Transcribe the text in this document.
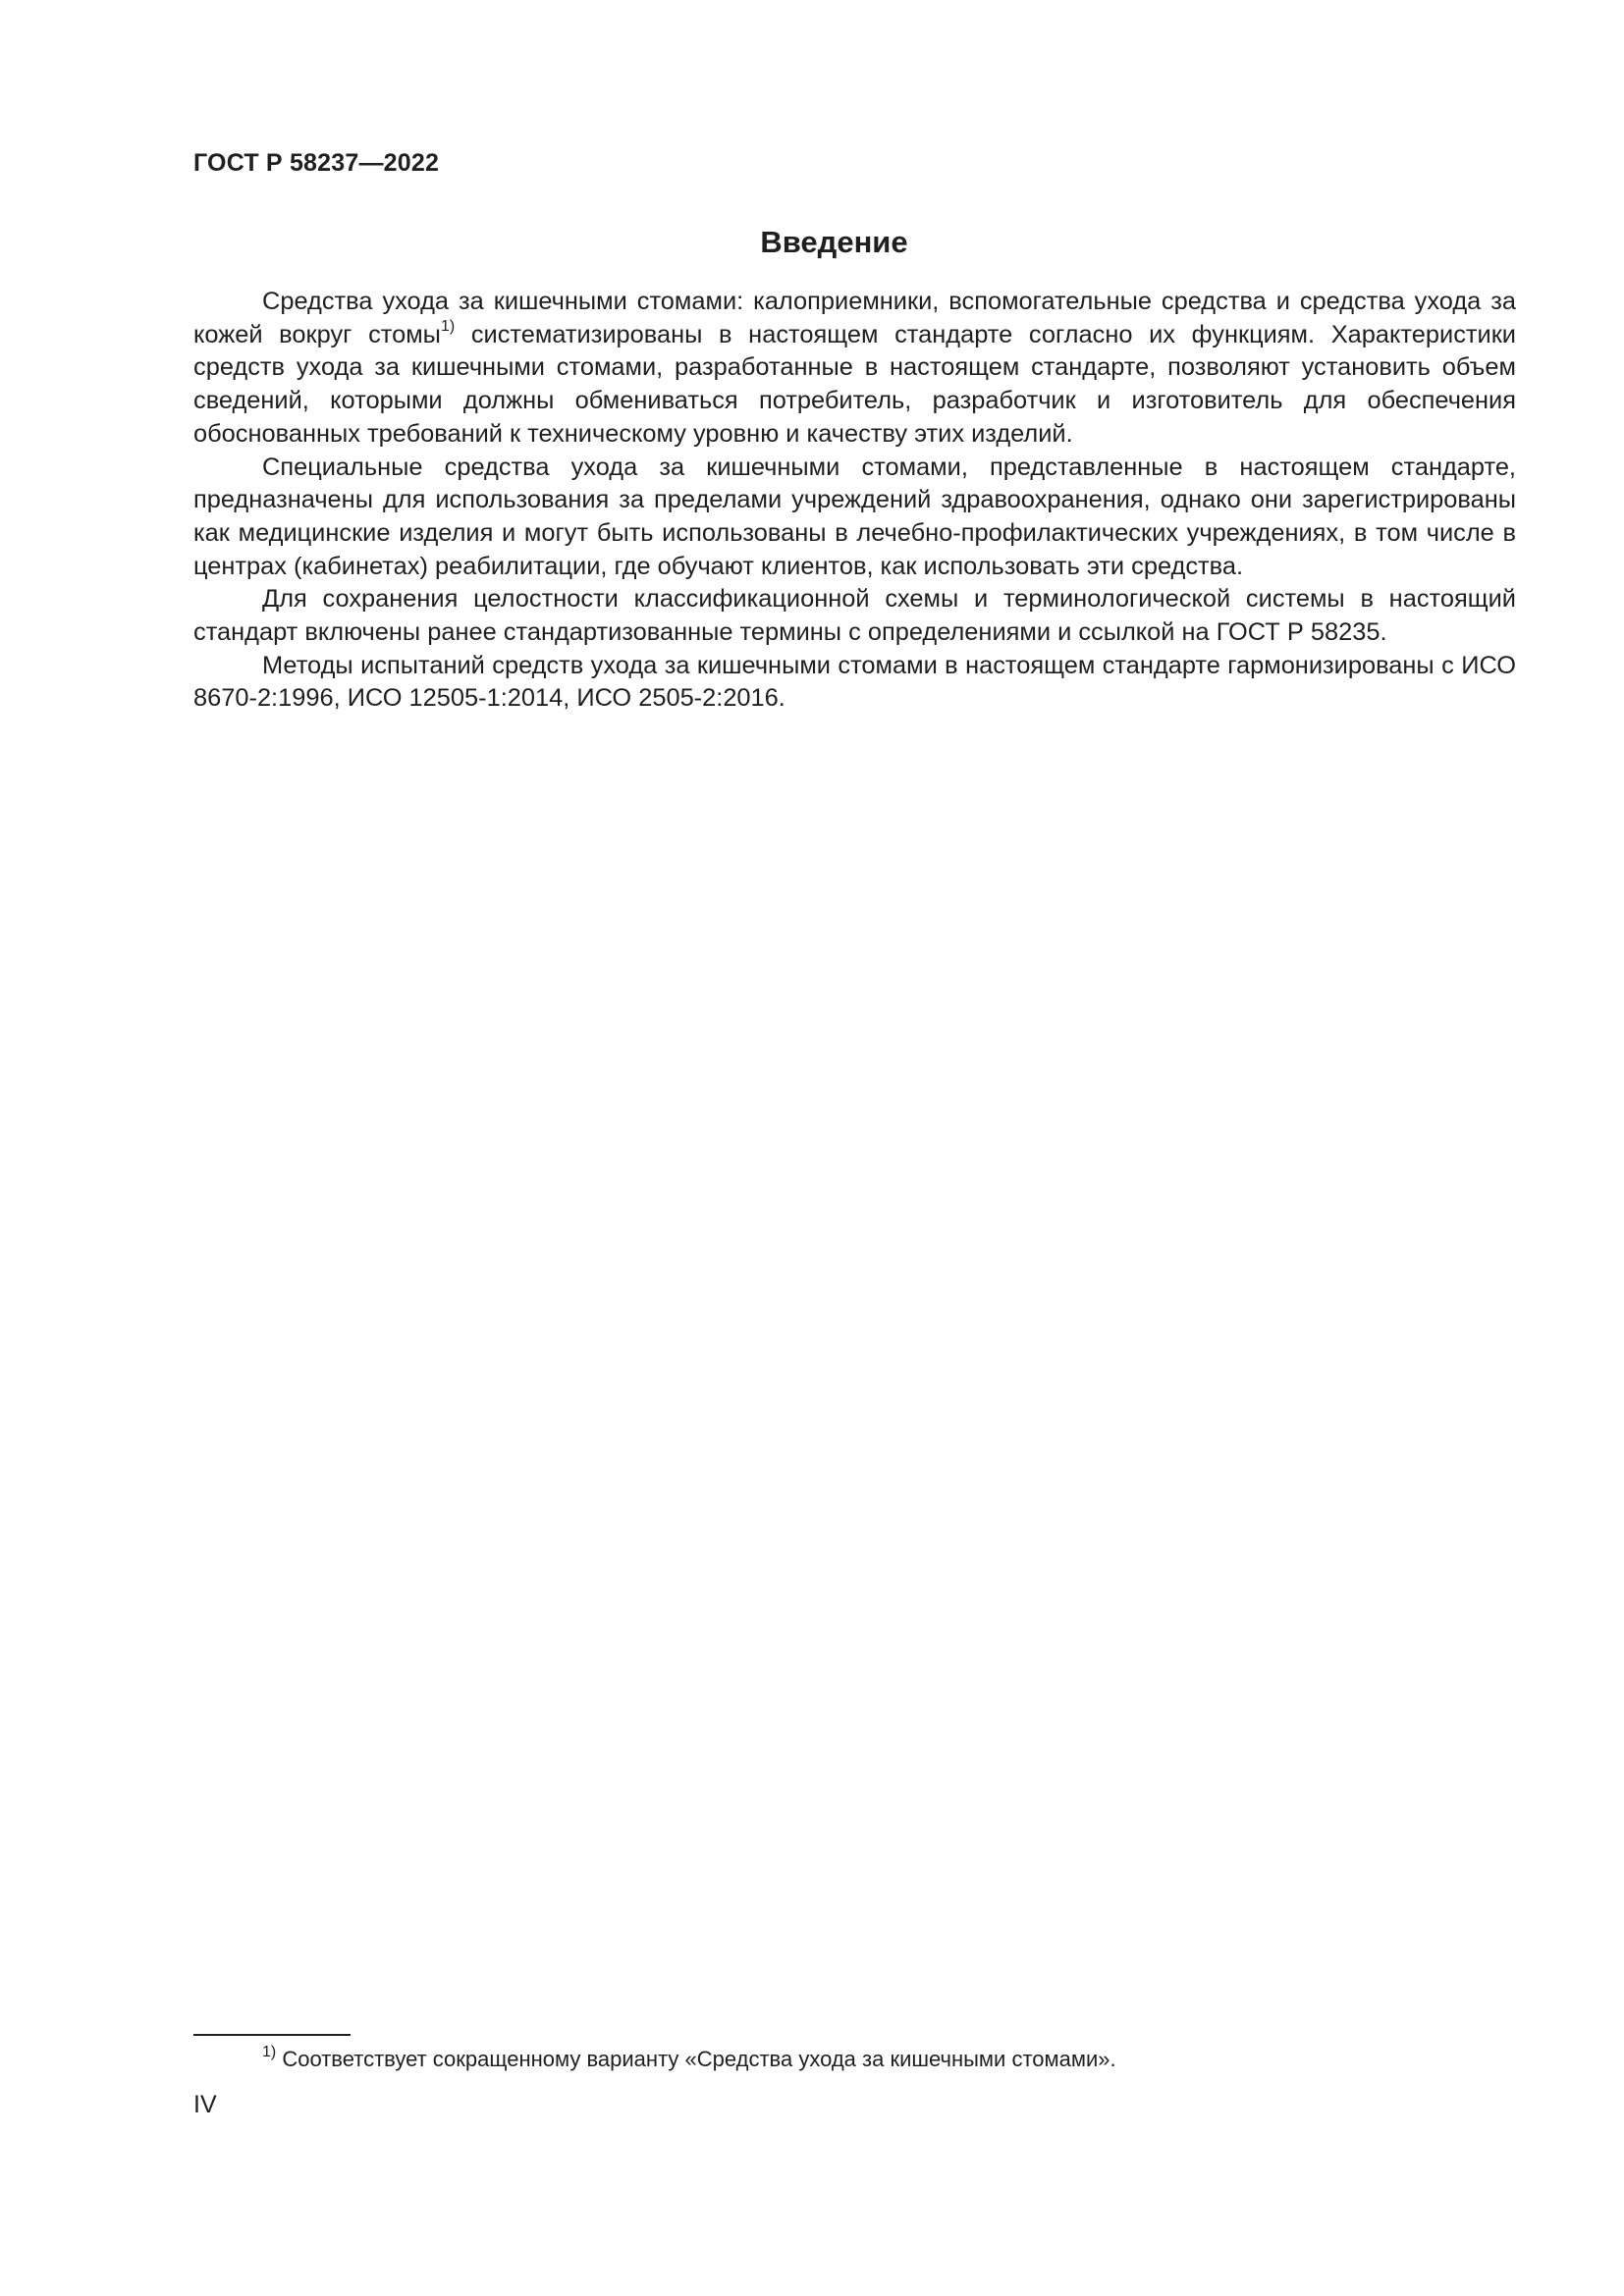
ГОСТ Р 58237—2022
Введение

Средства ухода за кишечными стомами: калоприемники, вспомогательные средства и средства ухода за кожей вокруг стомы$^{1)}$ систематизированы в настоящем стандарте согласно их функциям. Характеристики средств ухода за кишечными стомами, разработанные в настоящем стандарте, позволяют установить объем сведений, которыми должны обмениваться потребитель, разработчик и изготовитель для обеспечения обоснованных требований к техническому уровню и качеству этих изделий.

Специальные средства ухода за кишечными стомами, представленные в настоящем стандарте, предназначены для использования за пределами учреждений здравоохранения, однако они зарегистрированы как медицинские изделия и могут быть использованы в лечебно-профилактических учреждениях, в том числе в центрах (кабинетах) реабилитации, где обучают клиентов, как использовать эти средства.

Для сохранения целостности классификационной схемы и терминологической системы в настоящий стандарт включены ранее стандартизованные термины с определениями и ссылкой на ГОСТ Р 58235.

Методы испытаний средств ухода за кишечными стомами в настоящем стандарте гармонизированы с ИСО 8670-2:1996, ИСО 12505-1:2014, ИСО 2505-2:2016.

$^{1)}$ Соответствует сокращенному варианту «Средства ухода за кишечными стомами».
IV
